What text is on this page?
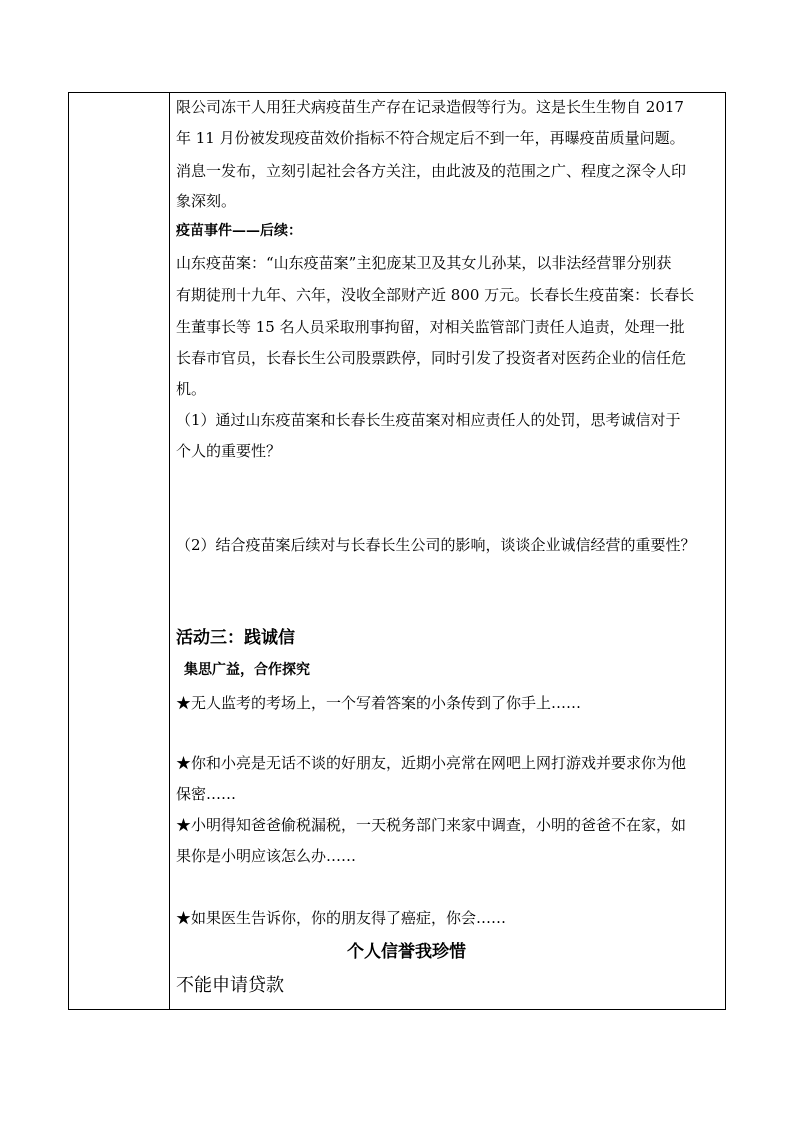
限公司冻干人用狂犬病疫苗生产存在记录造假等行为。这是长生生物自 2017
年 11 月份被发现疫苗效价指标不符合规定后不到一年，再曝疫苗质量问题。
消息一发布，立刻引起社会各方关注，由此波及的范围之广、程度之深令人印
象深刻。
疫苗事件——后续：
山东疫苗案：“山东疫苗案”主犯庞某卫及其女儿孙某，以非法经营罪分别获
有期徒刑十九年、六年，没收全部财产近 800 万元。长春长生疫苗案：长春长
生董事长等 15 名人员采取刑事拘留，对相关监管部门责任人追责，处理一批
长春市官员，长春长生公司股票跌停，同时引发了投资者对医药企业的信任危
机。
（1）通过山东疫苗案和长春长生疫苗案对相应责任人的处罚，思考诚信对于
个人的重要性？
（2）结合疫苗案后续对与长春长生公司的影响，谈谈企业诚信经营的重要性？
活动三：践诚信
集思广益，合作探究
★无人监考的考场上，一个写着答案的小条传到了你手上……
★你和小亮是无话不谈的好朋友，近期小亮常在网吧上网打游戏并要求你为他
保密……
★小明得知爸爸偷税漏税，一天税务部门来家中调查，小明的爸爸不在家，如
果你是小明应该怎么办……
★如果医生告诉你，你的朋友得了癌症，你会……
个人信誉我珍惜
不能申请贷款
